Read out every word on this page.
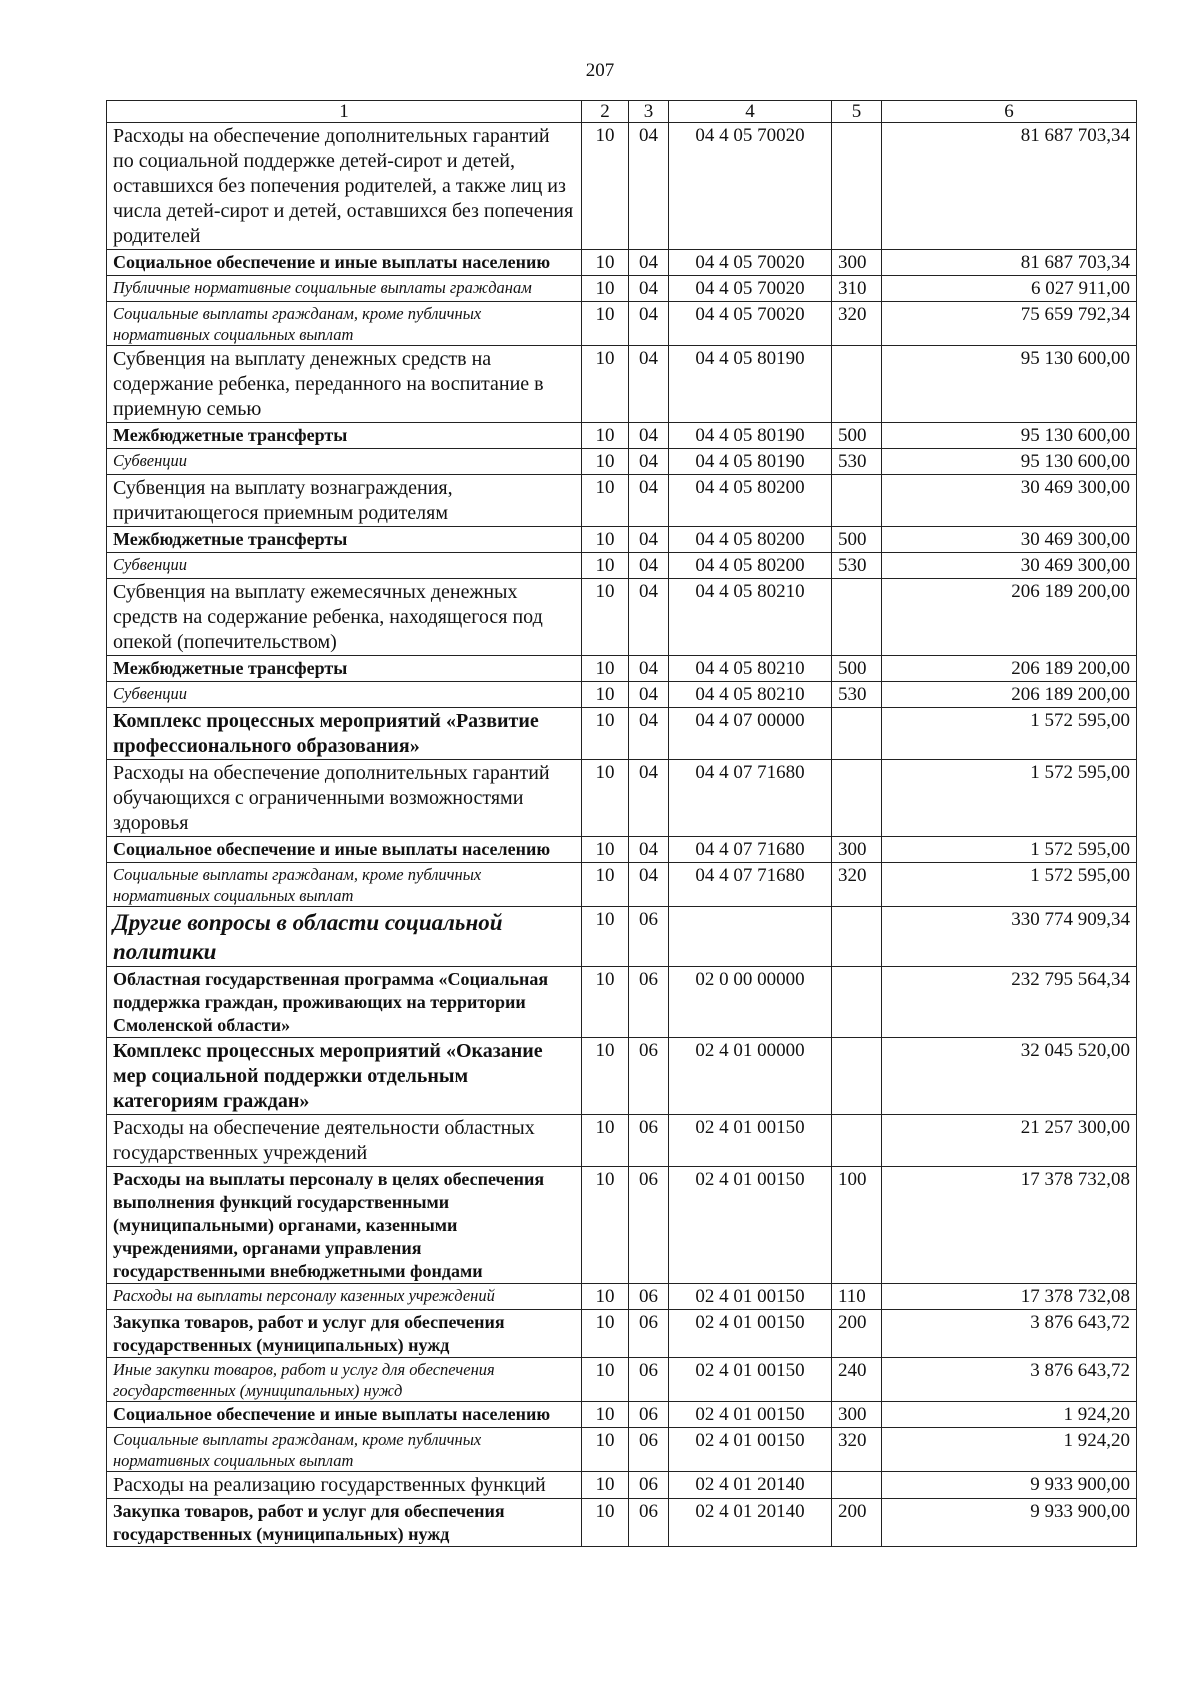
207
1	2	3	4	5	6
Расходы на обеспечение дополнительных гарантий по социальной поддержке детей-сирот и детей, оставшихся без попечения родителей, а также лиц из числа детей-сирот и детей, оставшихся без попечения родителей	10	04	04 4 05 70020		81 687 703,34
Социальное обеспечение и иные выплаты населению	10	04	04 4 05 70020	300	81 687 703,34
Публичные нормативные социальные выплаты гражданам	10	04	04 4 05 70020	310	6 027 911,00
Социальные выплаты гражданам, кроме публичных нормативных социальных выплат	10	04	04 4 05 70020	320	75 659 792,34
Субвенция на выплату денежных средств на содержание ребенка, переданного на воспитание в приемную семью	10	04	04 4 05 80190		95 130 600,00
Межбюджетные трансферты	10	04	04 4 05 80190	500	95 130 600,00
Субвенции	10	04	04 4 05 80190	530	95 130 600,00
Субвенция на выплату вознаграждения, причитающегося приемным родителям	10	04	04 4 05 80200		30 469 300,00
Межбюджетные трансферты	10	04	04 4 05 80200	500	30 469 300,00
Субвенции	10	04	04 4 05 80200	530	30 469 300,00
Субвенция на выплату ежемесячных денежных средств на содержание ребенка, находящегося под опекой (попечительством)	10	04	04 4 05 80210		206 189 200,00
Межбюджетные трансферты	10	04	04 4 05 80210	500	206 189 200,00
Субвенции	10	04	04 4 05 80210	530	206 189 200,00
Комплекс процессных мероприятий «Развитие профессионального образования»	10	04	04 4 07 00000		1 572 595,00
Расходы на обеспечение дополнительных гарантий обучающихся с ограниченными возможностями здоровья	10	04	04 4 07 71680		1 572 595,00
Социальное обеспечение и иные выплаты населению	10	04	04 4 07 71680	300	1 572 595,00
Социальные выплаты гражданам, кроме публичных нормативных социальных выплат	10	04	04 4 07 71680	320	1 572 595,00
Другие вопросы в области социальной политики	10	06			330 774 909,34
Областная государственная программа «Социальная поддержка граждан, проживающих на территории Смоленской области»	10	06	02 0 00 00000		232 795 564,34
Комплекс процессных мероприятий «Оказание мер социальной поддержки отдельным категориям граждан»	10	06	02 4 01 00000		32 045 520,00
Расходы на обеспечение деятельности областных государственных учреждений	10	06	02 4 01 00150		21 257 300,00
Расходы на выплаты персоналу в целях обеспечения выполнения функций государственными (муниципальными) органами, казенными учреждениями, органами управления государственными внебюджетными фондами	10	06	02 4 01 00150	100	17 378 732,08
Расходы на выплаты персоналу казенных учреждений	10	06	02 4 01 00150	110	17 378 732,08
Закупка товаров, работ и услуг для обеспечения государственных (муниципальных) нужд	10	06	02 4 01 00150	200	3 876 643,72
Иные закупки товаров, работ и услуг для обеспечения государственных (муниципальных) нужд	10	06	02 4 01 00150	240	3 876 643,72
Социальное обеспечение и иные выплаты населению	10	06	02 4 01 00150	300	1 924,20
Социальные выплаты гражданам, кроме публичных нормативных социальных выплат	10	06	02 4 01 00150	320	1 924,20
Расходы на реализацию государственных функций	10	06	02 4 01 20140		9 933 900,00
Закупка товаров, работ и услуг для обеспечения государственных (муниципальных) нужд	10	06	02 4 01 20140	200	9 933 900,00
